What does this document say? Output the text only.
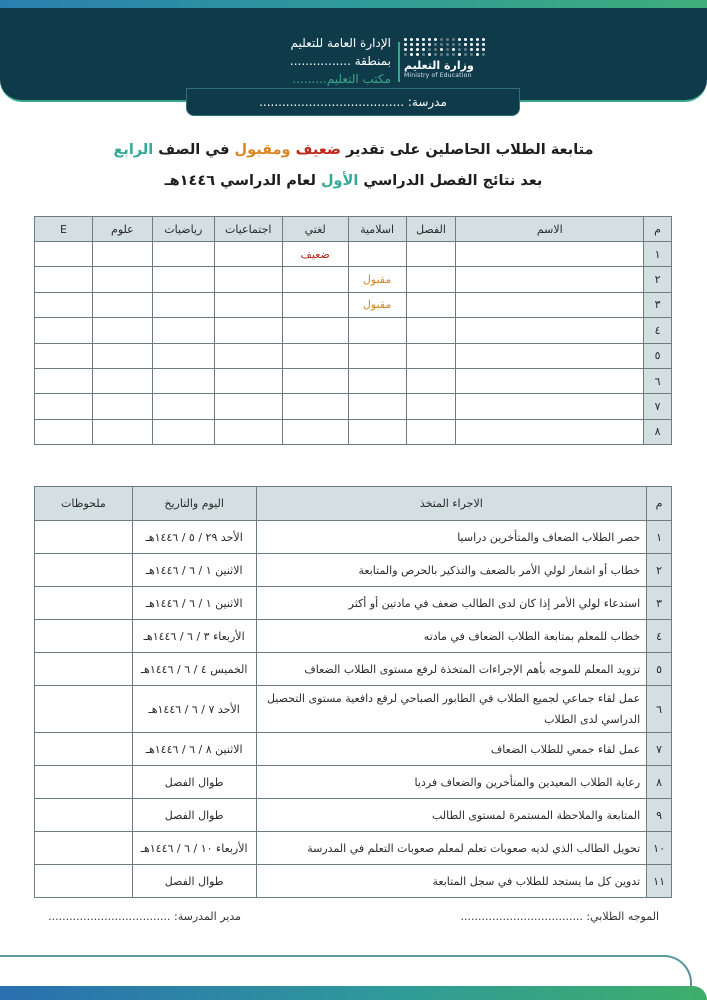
وزارة التعليم
Ministry of Education
الإدارة العامة للتعليم
بمنطقة ................
مكتب التعليم.........
مدرسة: ......................................
متابعة الطلاب الحاصلين على تقدير ضعيف ومقبول في الصف الرابع
بعد نتائج الفصل الدراسي الأول لعام الدراسي ١٤٤٦هـ
م	الاسم	الفصل	اسلامية	لغتي	اجتماعيات	رياضيات	علوم	E
١				ضعيف				
٢			مقبول					
٣			مقبول					
٤								
٥								
٦								
٧								
٨								
م	الاجراء المتخذ	اليوم والتاريخ	ملحوظات
١	حصر الطلاب الضعاف والمتأخرين دراسيا	الأحد ٢٩ / ٥ / ١٤٤٦هـ	
٢	خطاب أو اشعار لولي الأمر بالضعف والتذكير بالحرص والمتابعة	الاثنين ١ / ٦ / ١٤٤٦هـ	
٣	استدعاء لولي الأمر إذا كان لدى الطالب ضعف في مادتين أو أكثر	الاثنين ١ / ٦ / ١٤٤٦هـ	
٤	خطاب للمعلم بمتابعة الطلاب الضعاف في مادته	الأربعاء ٣ / ٦ / ١٤٤٦هـ	
٥	تزويد المعلم للموجه بأهم الإجراءات المتخذة لرفع مستوى الطلاب الضعاف	الخميس ٤ / ٦ / ١٤٤٦هـ	
٦	عمل لقاء جماعي لجميع الطلاب في الطابور الصباحي لرفع دافعية مستوى التحصيل الدراسي لدى الطلاب	الأحد ٧ / ٦ / ١٤٤٦هـ	
٧	عمل لقاء جمعي للطلاب الضعاف	الاثنين ٨ / ٦ / ١٤٤٦هـ	
٨	رعاية الطلاب المعيدين والمتأخرين والضعاف فرديا	طوال الفصل	
٩	المتابعة والملاحظة المستمرة لمستوى الطالب	طوال الفصل	
١٠	تحويل الطالب الذي لديه صعوبات تعلم لمعلم صعوبات التعلم في المدرسة	الأربعاء ١٠ / ٦ / ١٤٤٦هـ	
١١	تدوين كل ما يستجد للطلاب في سجل المتابعة	طوال الفصل	
الموجه الطلابي: ...................................
مدير المدرسة: ...................................
